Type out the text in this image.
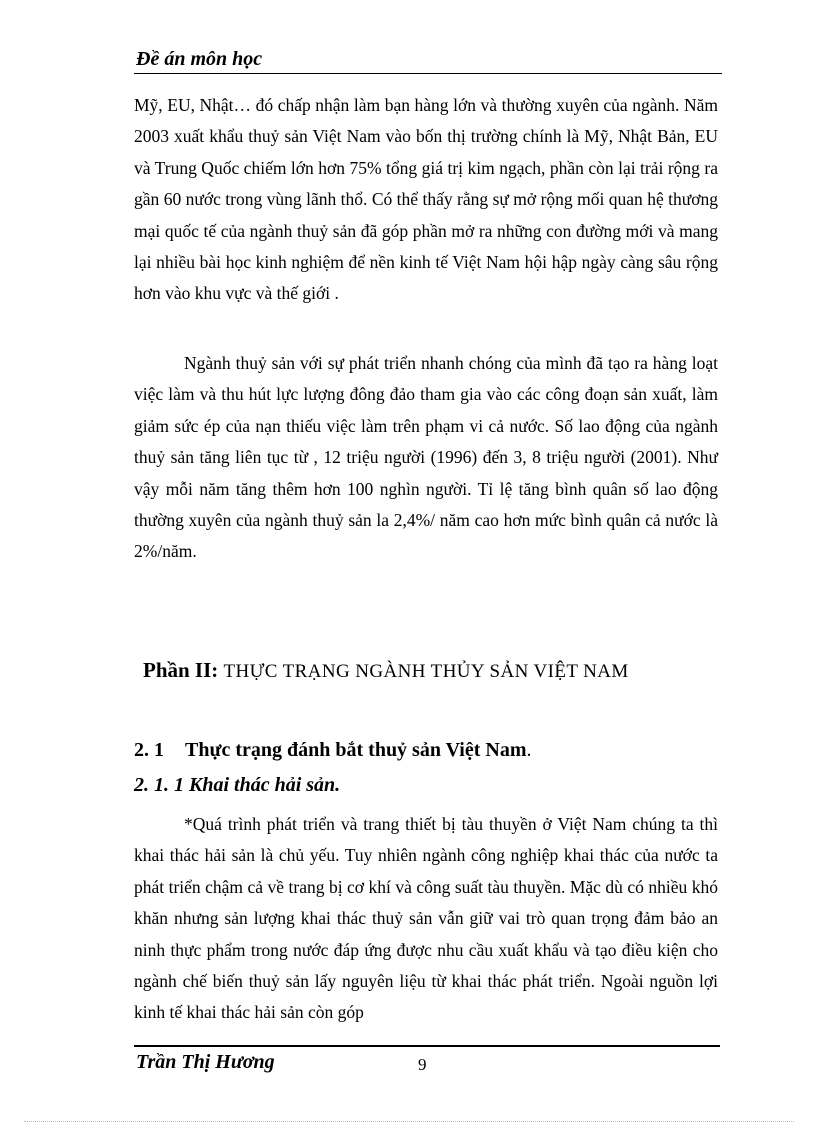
Đề án môn học

Mỹ, EU, Nhật… đó chấp nhận làm bạn hàng lớn và thường xuyên của ngành. Năm 2003 xuất khẩu thuỷ sản Việt Nam vào bốn thị trường chính là Mỹ, Nhật Bản, EU và Trung Quốc chiếm lớn hơn 75% tổng giá trị kim ngạch, phần còn lại trải rộng ra gần 60 nước trong vùng lãnh thổ. Có thể thấy rằng sự mở rộng mối quan hệ thương mại quốc tế của ngành thuỷ sản đã góp phần mở ra những con đường mới và mang lại nhiều bài học kinh nghiệm để nền kinh tế Việt Nam hội hập ngày càng sâu rộng hơn vào khu vực và thế giới .

Ngành thuỷ sản với sự phát triển nhanh chóng của mình đã tạo ra hàng loạt việc làm và thu hút lực lượng đông đảo tham gia vào các công đoạn sản xuất, làm giảm sức ép của nạn thiếu việc làm trên phạm vi cả nước. Số lao động của ngành thuỷ sản tăng liên tục từ , 12 triệu người (1996) đến 3, 8 triệu người (2001). Như vậy mỗi năm tăng thêm hơn 100 nghìn người. Tỉ lệ tăng bình quân số lao động thường xuyên của ngành thuỷ sản la 2,4%/ năm cao hơn mức bình quân cả nước là 2%/năm.

Phần II: THỰC TRẠNG NGÀNH THỦY SẢN VIỆT NAM
2. 1 Thực trạng đánh bắt thuỷ sản Việt Nam.
2. 1. 1 Khai thác hải sản.

*Quá trình phát triển và trang thiết bị tàu thuyền ở Việt Nam chúng ta thì khai thác hải sản là chủ yếu. Tuy nhiên ngành công nghiệp khai thác của nước ta phát triển chậm cả về trang bị cơ khí và công suất tàu thuyền. Mặc dù có nhiều khó khăn nhưng sản lượng khai thác thuỷ sản vẫn giữ vai trò quan trọng đảm bảo an ninh thực phẩm trong nước đáp ứng được nhu cầu xuất khẩu và tạo điều kiện cho ngành chế biến thuỷ sản lấy nguyên liệu từ khai thác phát triển. Ngoài nguồn lợi kinh tế khai thác hải sản còn góp

Trần Thị Hương	9
